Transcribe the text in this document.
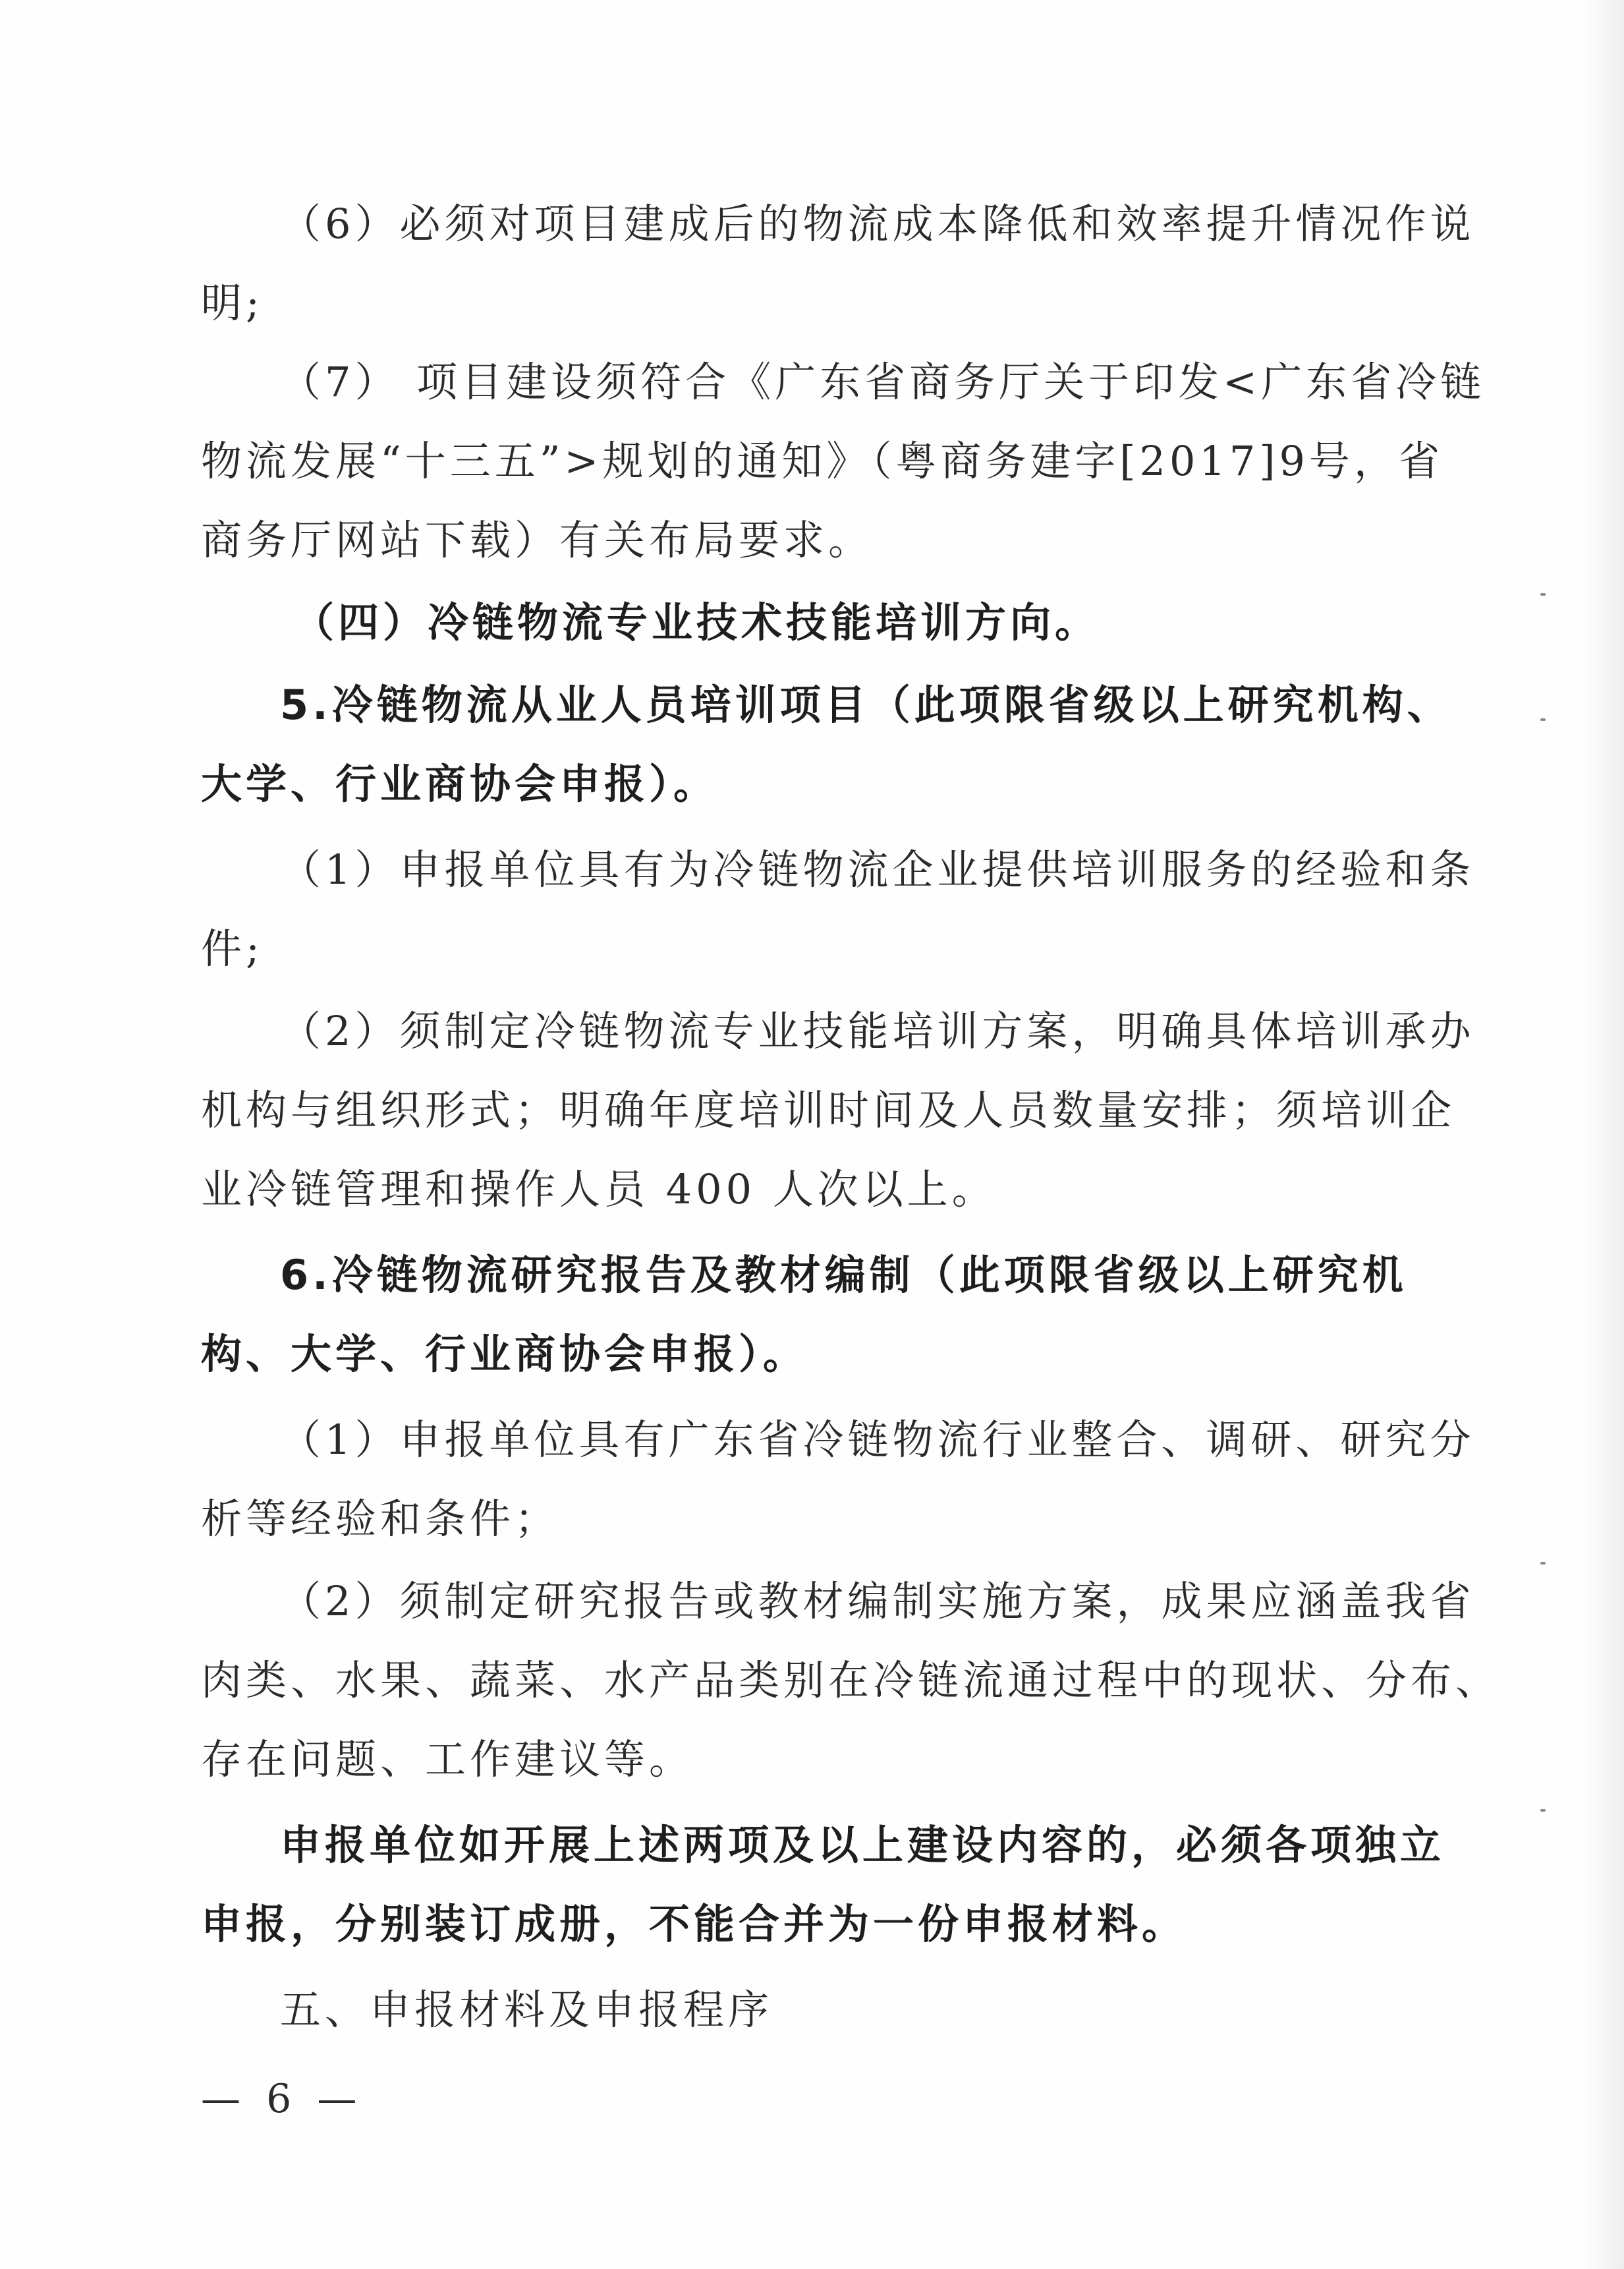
（6）必须对项目建成后的物流成本降低和效率提升情况作说
明;
（7） 项目建设须符合《广东省商务厅关于印发<广东省冷链
物流发展“十三五”>规划的通知》（粤商务建字[2017]9号，省
商务厅网站下载）有关布局要求。
（四）冷链物流专业技术技能培训方向。
5.冷链物流从业人员培训项目（此项限省级以上研究机构、
大学、行业商协会申报）。
（1）申报单位具有为冷链物流企业提供培训服务的经验和条
件;
（2）须制定冷链物流专业技能培训方案，明确具体培训承办
机构与组织形式；明确年度培训时间及人员数量安排；须培训企
业冷链管理和操作人员 400 人次以上。
6.冷链物流研究报告及教材编制（此项限省级以上研究机
构、大学、行业商协会申报）。
（1）申报单位具有广东省冷链物流行业整合、调研、研究分
析等经验和条件；
（2）须制定研究报告或教材编制实施方案，成果应涵盖我省
肉类、水果、蔬菜、水产品类别在冷链流通过程中的现状、分布、
存在问题、工作建议等。
申报单位如开展上述两项及以上建设内容的，必须各项独立
申报，分别装订成册，不能合并为一份申报材料。
五、申报材料及申报程序
— 6 —
